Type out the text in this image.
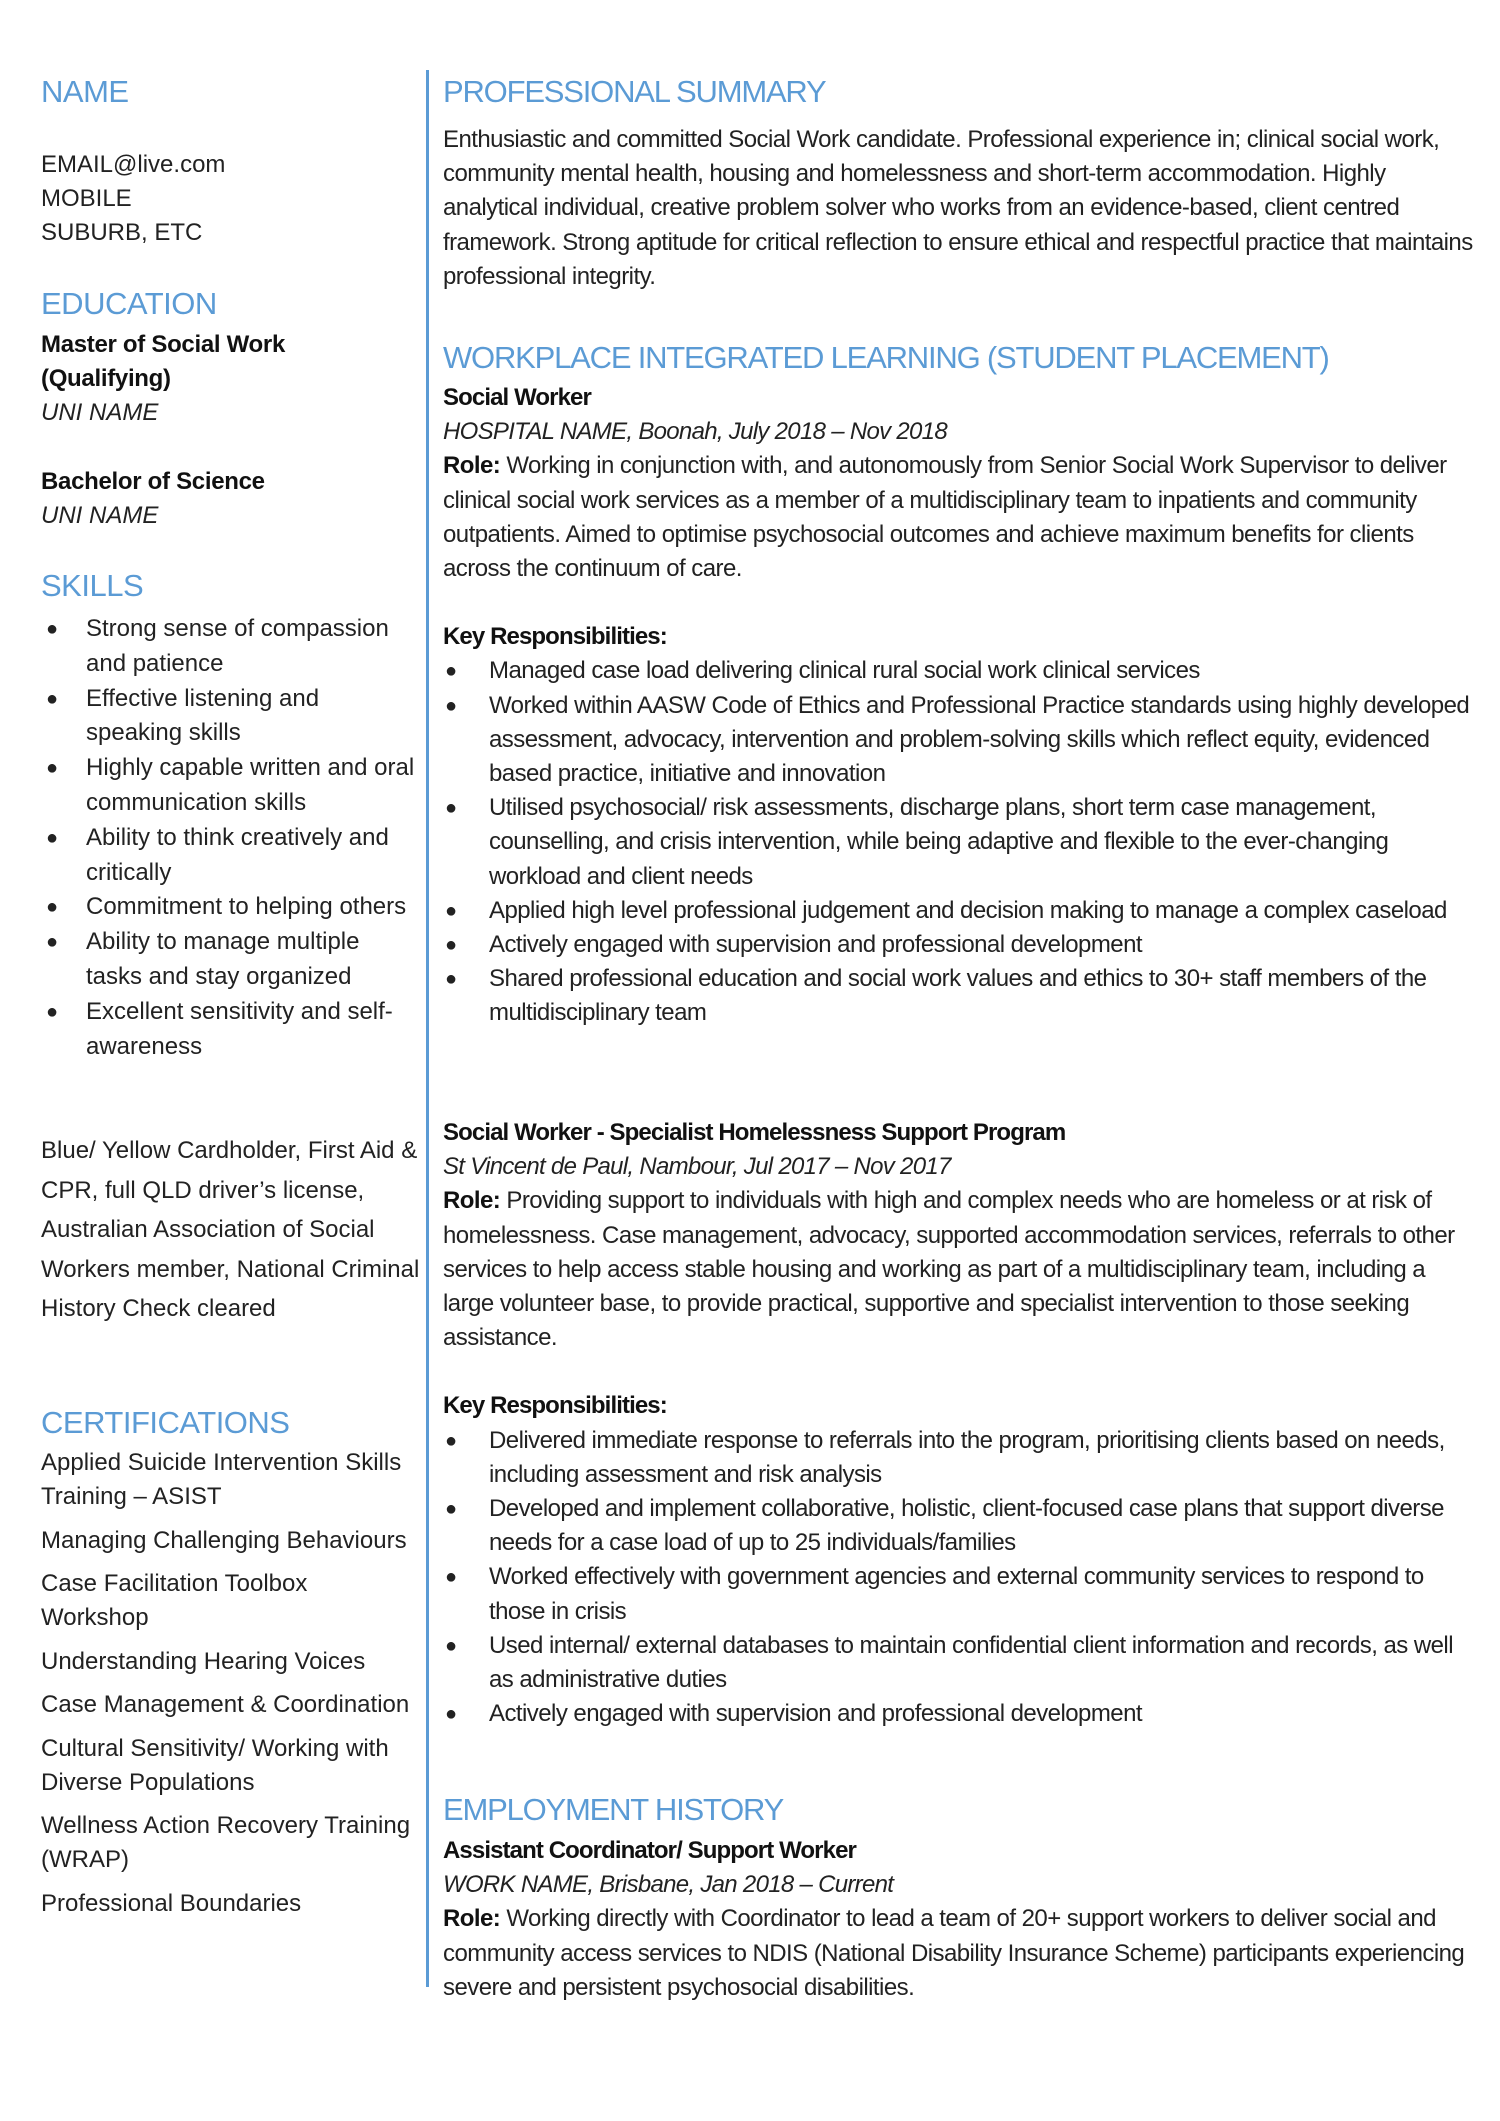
NAME
EMAIL@live.com
MOBILE
SUBURB, ETC
EDUCATION
Master of Social Work
(Qualifying)
UNI NAME
Bachelor of Science
UNI NAME
SKILLS
● Strong sense of compassion and patience
● Effective listening and speaking skills
● Highly capable written and oral communication skills
● Ability to think creatively and critically
● Commitment to helping others
● Ability to manage multiple tasks and stay organized
● Excellent sensitivity and self-awareness
Blue/ Yellow Cardholder, First Aid & CPR, full QLD driver’s license, Australian Association of Social Workers member, National Criminal History Check cleared
CERTIFICATIONS
Applied Suicide Intervention Skills Training – ASIST
Managing Challenging Behaviours
Case Facilitation Toolbox Workshop
Understanding Hearing Voices
Case Management & Coordination
Cultural Sensitivity/ Working with Diverse Populations
Wellness Action Recovery Training (WRAP)
Professional Boundaries
PROFESSIONAL SUMMARY
Enthusiastic and committed Social Work candidate. Professional experience in; clinical social work, community mental health, housing and homelessness and short-term accommodation. Highly analytical individual, creative problem solver who works from an evidence-based, client centred framework. Strong aptitude for critical reflection to ensure ethical and respectful practice that maintains professional integrity.
WORKPLACE INTEGRATED LEARNING (STUDENT PLACEMENT)
Social Worker
HOSPITAL NAME, Boonah, July 2018 – Nov 2018
Role: Working in conjunction with, and autonomously from Senior Social Work Supervisor to deliver clinical social work services as a member of a multidisciplinary team to inpatients and community outpatients. Aimed to optimise psychosocial outcomes and achieve maximum benefits for clients across the continuum of care.
Key Responsibilities:
● Managed case load delivering clinical rural social work clinical services
● Worked within AASW Code of Ethics and Professional Practice standards using highly developed assessment, advocacy, intervention and problem-solving skills which reflect equity, evidenced based practice, initiative and innovation
● Utilised psychosocial/ risk assessments, discharge plans, short term case management, counselling, and crisis intervention, while being adaptive and flexible to the ever-changing workload and client needs
● Applied high level professional judgement and decision making to manage a complex caseload
● Actively engaged with supervision and professional development
● Shared professional education and social work values and ethics to 30+ staff members of the multidisciplinary team
Social Worker - Specialist Homelessness Support Program
St Vincent de Paul, Nambour, Jul 2017 – Nov 2017
Role: Providing support to individuals with high and complex needs who are homeless or at risk of homelessness. Case management, advocacy, supported accommodation services, referrals to other services to help access stable housing and working as part of a multidisciplinary team, including a large volunteer base, to provide practical, supportive and specialist intervention to those seeking assistance.
Key Responsibilities:
● Delivered immediate response to referrals into the program, prioritising clients based on needs, including assessment and risk analysis
● Developed and implement collaborative, holistic, client-focused case plans that support diverse needs for a case load of up to 25 individuals/families
● Worked effectively with government agencies and external community services to respond to those in crisis
● Used internal/ external databases to maintain confidential client information and records, as well as administrative duties
● Actively engaged with supervision and professional development
EMPLOYMENT HISTORY
Assistant Coordinator/ Support Worker
WORK NAME, Brisbane, Jan 2018 – Current
Role: Working directly with Coordinator to lead a team of 20+ support workers to deliver social and community access services to NDIS (National Disability Insurance Scheme) participants experiencing severe and persistent psychosocial disabilities.
